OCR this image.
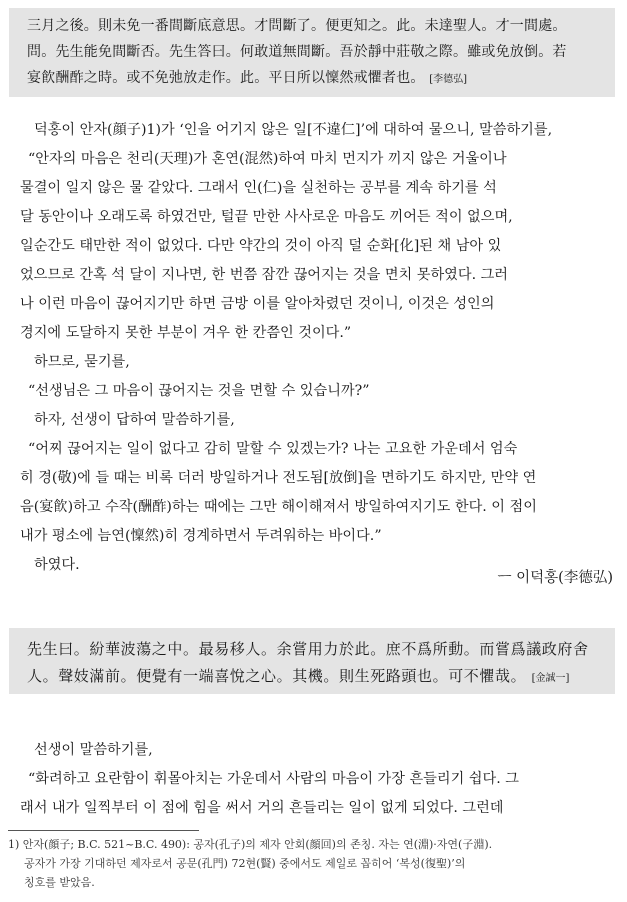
三月之後。則未免一番間斷底意思。才問斷了。便更知之。此。未達聖人。才一間處。
問。先生能免間斷否。先生答曰。何敢道無間斷。吾於靜中莊敬之際。雖或免放倒。若
宴飮酬酢之時。或不免弛放走作。此。平日所以懍然戒懼者也。 [李德弘]

덕홍이 안자(顔子)1)가 ‘인을 어기지 않은 일[不違仁]’에 대하여 물으니, 말씀하기를,

“안자의 마음은 천리(天理)가 혼연(混然)하여 마치 먼지가 끼지 않은 거울이나

물결이 일지 않은 물 같았다. 그래서 인(仁)을 실천하는 공부를 계속 하기를 석

달 동안이나 오래도록 하였건만, 털끝 만한 사사로운 마음도 끼어든 적이 없으며,

일순간도 태만한 적이 없었다. 다만 약간의 것이 아직 덜 순화[化]된 채 남아 있

었으므로 간혹 석 달이 지나면, 한 번쯤 잠깐 끊어지는 것을 면치 못하였다. 그러

나 이런 마음이 끊어지기만 하면 금방 이를 알아차렸던 것이니, 이것은 성인의

경지에 도달하지 못한 부분이 겨우 한 칸쯤인 것이다.”

하므로, 묻기를,

“선생님은 그 마음이 끊어지는 것을 면할 수 있습니까?”

하자, 선생이 답하여 말씀하기를,

“어찌 끊어지는 일이 없다고 감히 말할 수 있겠는가? 나는 고요한 가운데서 엄숙

히 경(敬)에 들 때는 비록 더러 방일하거나 전도됨[放倒]을 면하기도 하지만, 만약 연

음(宴飮)하고 수작(酬酢)하는 때에는 그만 해이해져서 방일하여지기도 한다. 이 점이

내가 평소에 늠연(懍然)히 경계하면서 두려워하는 바이다.”

하였다.

ㅡ 이덕홍(李德弘)
先生曰。紛華波蕩之中。最易移人。余嘗用力於此。庶不爲所動。而嘗爲議政府舍
人。聲妓滿前。便覺有一端喜悅之心。其機。則生死路頭也。可不懼哉。 [金誠一]

선생이 말씀하기를,

“화려하고 요란함이 휘몰아치는 가운데서 사람의 마음이 가장 흔들리기 쉽다. 그

래서 내가 일찍부터 이 점에 힘을 써서 거의 흔들리는 일이 없게 되었다. 그런데

1) 안자(顔子; B.C. 521~B.C. 490): 공자(孔子)의 제자 안회(顔回)의 존칭. 자는 연(淵)·자연(子淵).
공자가 가장 기대하던 제자로서 공문(孔門) 72현(賢) 중에서도 제일로 꼽히어 ‘복성(復聖)’의
칭호를 받았음.
